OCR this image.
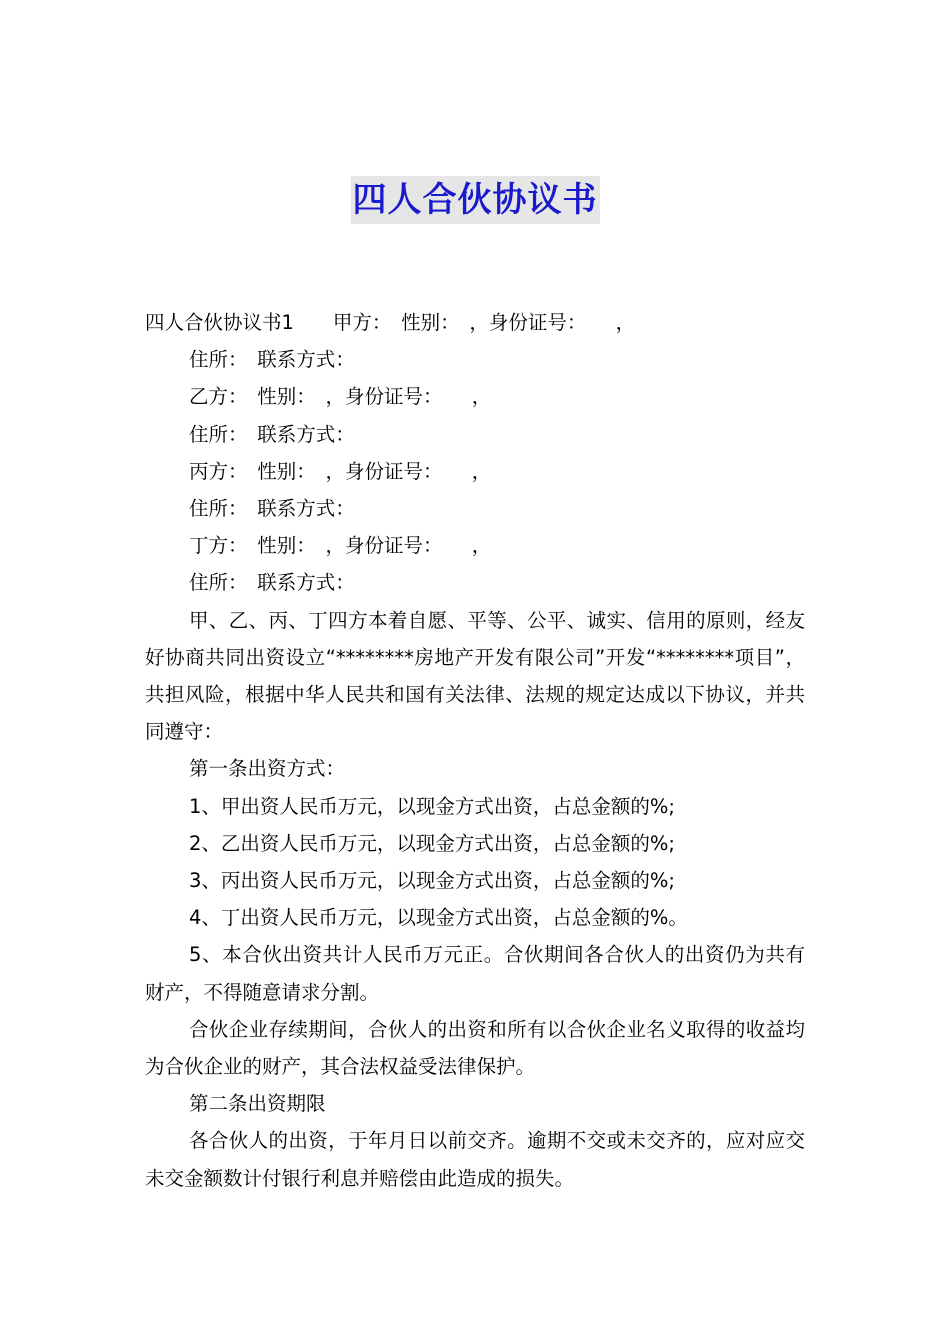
四人合伙协议书

四人合伙协议书1　　甲方：　性别：　，身份证号：　　，

住所：　联系方式：

乙方：　性别：　，身份证号：　　，

住所：　联系方式：

丙方：　性别：　，身份证号：　　，

住所：　联系方式：

丁方：　性别：　，身份证号：　　，

住所：　联系方式：

甲、乙、丙、丁四方本着自愿、平等、公平、诚实、信用的原则，经友好协商共同出资设立“********房地产开发有限公司”开发“********项目”，共担风险，根据中华人民共和国有关法律、法规的规定达成以下协议，并共同遵守：

第一条出资方式：

1、甲出资人民币万元，以现金方式出资，占总金额的%;

2、乙出资人民币万元，以现金方式出资，占总金额的%;

3、丙出资人民币万元，以现金方式出资，占总金额的%;

4、丁出资人民币万元，以现金方式出资，占总金额的%。

5、本合伙出资共计人民币万元正。合伙期间各合伙人的出资仍为共有财产，不得随意请求分割。

合伙企业存续期间，合伙人的出资和所有以合伙企业名义取得的收益均为合伙企业的财产，其合法权益受法律保护。

第二条出资期限

各合伙人的出资，于年月日以前交齐。逾期不交或未交齐的，应对应交未交金额数计付银行利息并赔偿由此造成的损失。
